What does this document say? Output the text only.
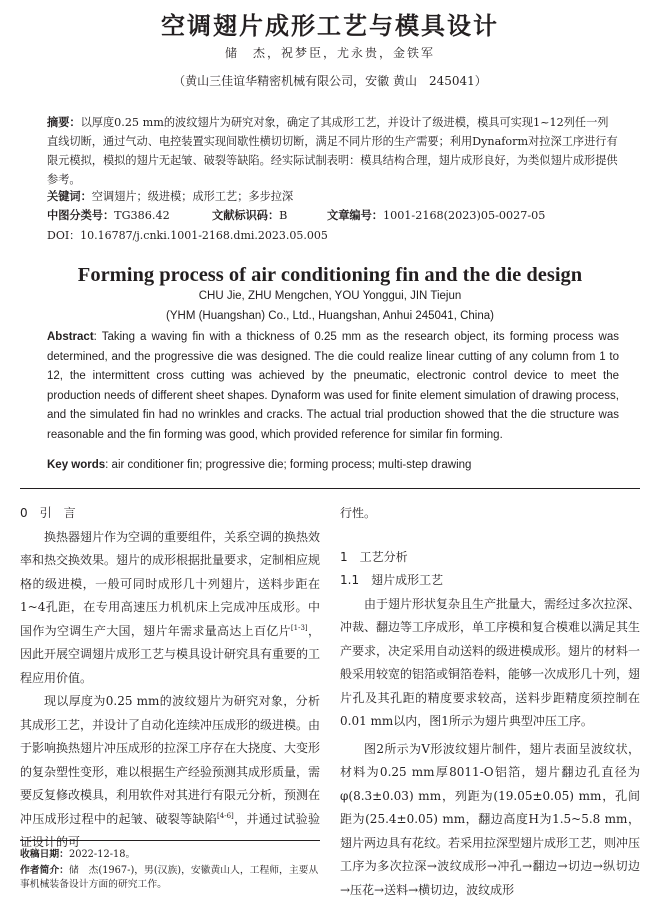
空调翅片成形工艺与模具设计
储　杰，祝梦臣，尤永贵，金铁军
（黄山三佳谊华精密机械有限公司，安徽 黄山　245041）
摘要：以厚度0.25 mm的波纹翅片为研究对象，确定了其成形工艺，并设计了级进模，模具可实现1~12列任一列直线切断，通过气动、电控装置实现间歇性横切切断，满足不同片形的生产需要；利用Dynaform对拉深工序进行有限元模拟，模拟的翅片无起皱、破裂等缺陷。经实际试制表明：模具结构合理，翅片成形良好，为类似翅片成形提供参考。
关键词：空调翅片；级进模；成形工艺；多步拉深
中图分类号：TG386.42	文献标识码：B	文章编号：1001-2168(2023)05-0027-05
DOI：10.16787/j.cnki.1001-2168.dmi.2023.05.005
Forming process of air conditioning fin and the die design
CHU Jie, ZHU Mengchen, YOU Yonggui, JIN Tiejun
(YHM (Huangshan) Co., Ltd., Huangshan, Anhui 245041, China)
Abstract: Taking a waving fin with a thickness of 0.25 mm as the research object, its forming process was determined, and the progressive die was designed. The die could realize linear cutting of any column from 1 to 12, the intermittent cross cutting was achieved by the pneumatic, electronic control device to meet the production needs of different sheet shapes. Dynaform was used for finite element simulation of drawing process, and the simulated fin had no wrinkles and cracks. The actual trial production showed that the die structure was reasonable and the fin forming was good, which provided reference for similar fin forming.
Key words: air conditioner fin; progressive die; forming process; multi-step drawing

0　引　言

换热器翅片作为空调的重要组件，关系空调的换热效率和热交换效果。翅片的成形根据批量要求，定制相应规格的级进模，一般可同时成形几十列翅片，送料步距在1~4孔距，在专用高速压力机机床上完成冲压成形。中国作为空调生产大国，翅片年需求量高达上百亿片[1-3]，因此开展空调翅片成形工艺与模具设计研究具有重要的工程应用价值。

现以厚度为0.25 mm的波纹翅片为研究对象，分析其成形工艺，并设计了自动化连续冲压成形的级进模。由于影响换热翅片冲压成形的拉深工序存在大挠度、大变形的复杂塑性变形，难以根据生产经验预测其成形质量，需要反复修改模具，利用软件对其进行有限元分析，预测在冲压成形过程中的起皱、破裂等缺陷[4-6]，并通过试验验证设计的可

收稿日期：2022-12-18。
作者简介：储　杰(1967-)，男(汉族)，安徽黄山人，工程师，主要从事机械装备设计方面的研究工作。

行性。

1　工艺分析

1.1　翅片成形工艺

由于翅片形状复杂且生产批量大，需经过多次拉深、冲裁、翻边等工序成形，单工序模和复合模难以满足其生产要求，决定采用自动送料的级进模成形。翅片的材料一般采用较宽的铝箔或铜箔卷料，能够一次成形几十列，翅片孔及其孔距的精度要求较高，送料步距精度须控制在0.01 mm以内，图1所示为翅片典型冲压工序。

图2所示为V形波纹翅片制件，翅片表面呈波纹状，材料为0.25 mm厚8011-O铝箔，翅片翻边孔直径为φ(8.3±0.03) mm，列距为(19.05±0.05) mm，孔间距为(25.4±0.05) mm，翻边高度H为1.5~5.8 mm，翅片两边具有花纹。若采用拉深型翅片成形工艺，则冲压工序为多次拉深→波纹成形→冲孔→翻边→切边→纵切边→压花→送料→横切边，波纹成形
